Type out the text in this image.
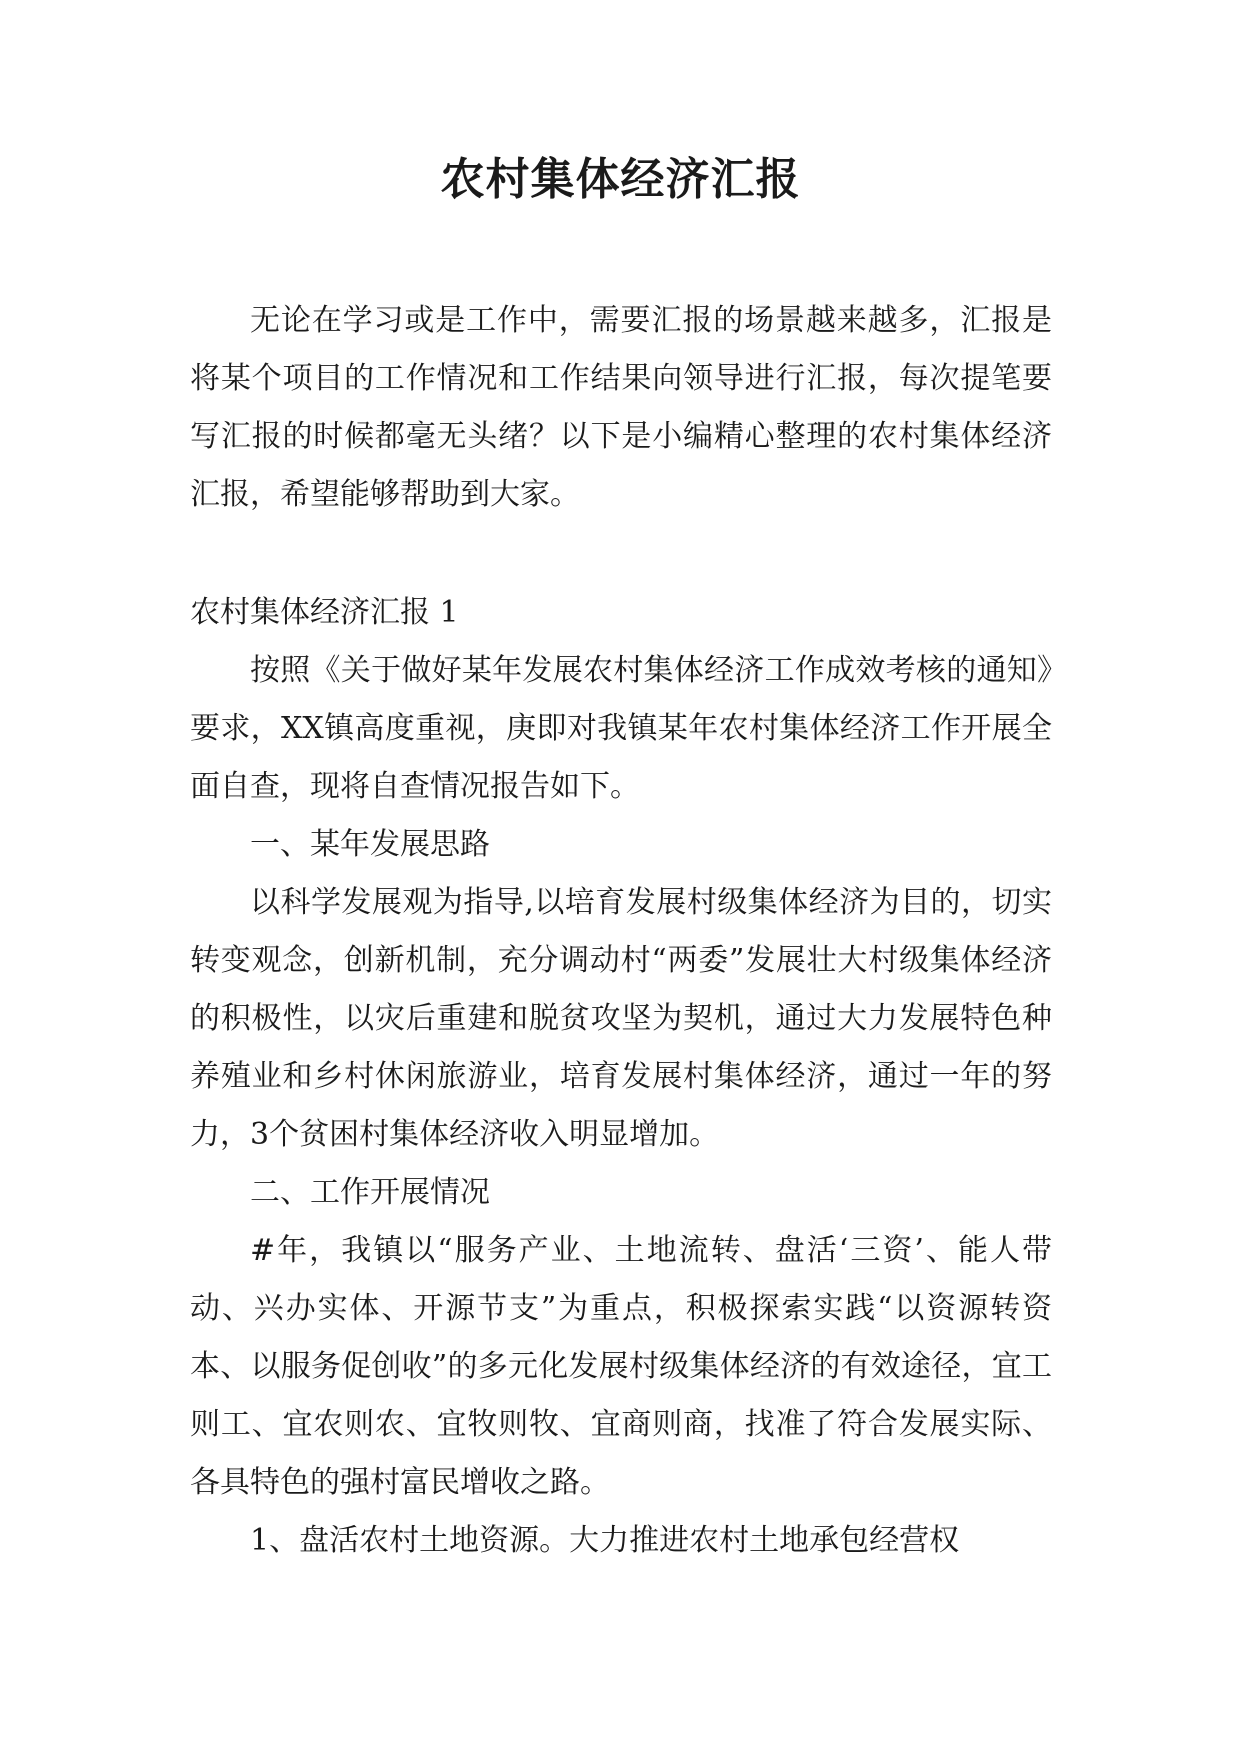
农村集体经济汇报

无论在学习或是工作中，需要汇报的场景越来越多，汇报是将某个项目的工作情况和工作结果向领导进行汇报，每次提笔要写汇报的时候都毫无头绪？以下是小编精心整理的农村集体经济汇报，希望能够帮助到大家。

农村集体经济汇报 1

按照《关于做好某年发展农村集体经济工作成效考核的通知》要求，XX镇高度重视，庚即对我镇某年农村集体经济工作开展全面自查，现将自查情况报告如下。

一、某年发展思路

以科学发展观为指导,以培育发展村级集体经济为目的，切实转变观念，创新机制，充分调动村“两委”发展壮大村级集体经济的积极性，以灾后重建和脱贫攻坚为契机，通过大力发展特色种养殖业和乡村休闲旅游业，培育发展村集体经济，通过一年的努力，3个贫困村集体经济收入明显增加。

二、工作开展情况

#年，我镇以“服务产业、土地流转、盘活‘三资’、能人带动、兴办实体、开源节支”为重点，积极探索实践“以资源转资本、以服务促创收”的多元化发展村级集体经济的有效途径，宜工则工、宜农则农、宜牧则牧、宜商则商，找准了符合发展实际、各具特色的强村富民增收之路。

1、盘活农村土地资源。大力推进农村土地承包经营权
